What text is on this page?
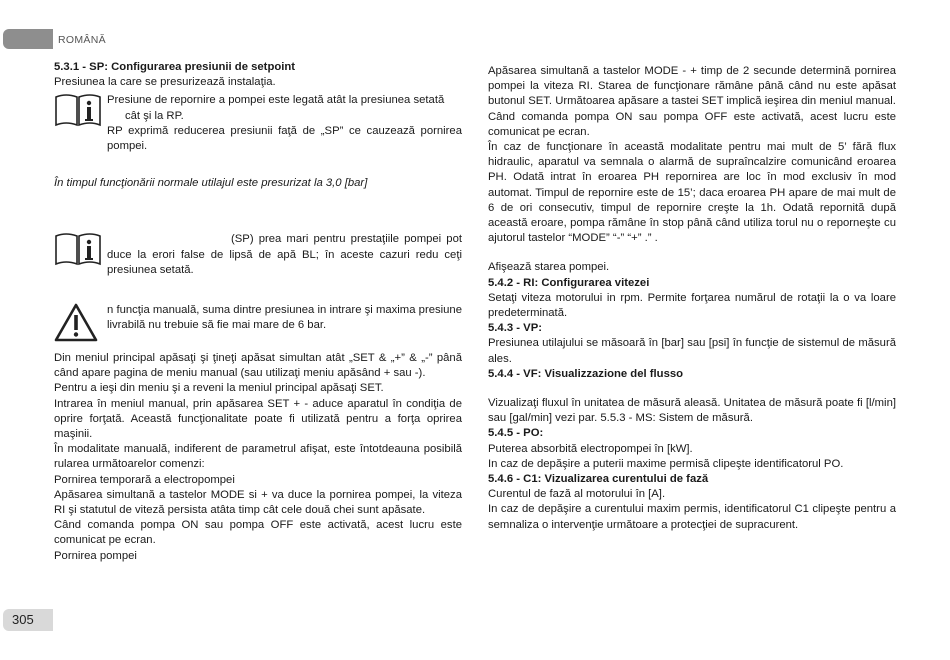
ROMÂNĂ

5.3.1 - SP: Configurarea presiunii de setpoint

Presiunea la care se presurizează instalaţia.

Presiune de repornire a pompei este legată atât la presiunea setată

cât şi la RP.

RP exprimă reducerea presiunii faţă de „SP” ce cauzează pornirea pompei.

În timpul funcţionării normale utilajul este presurizat la 3,0 [bar]

(SP) prea mari pentru prestaţiile pompei pot duce la erori false de lipsă de apă BL; în aceste cazuri redu ceţi presiunea setată.

n funcţia manuală, suma dintre presiunea in intrare şi maxima presiune livrabilă nu trebuie să fie mai mare de 6 bar.

Din meniul principal apăsaţi şi ţineţi apăsat simultan atât „SET & „+” & „-” până când apare pagina de meniu manual (sau utilizaţi meniu apăsând + sau -).

Pentru a ieşi din meniu şi a reveni la meniul principal apăsaţi SET.

Intrarea în meniul manual, prin apăsarea SET + - aduce aparatul în condiţia de oprire forţată. Această funcţionalitate poate fi utilizată pentru a forţa oprirea maşinii.

În modalitate manuală, indiferent de parametrul afişat, este întotdeauna posibilă rularea următoarelor comenzi:

Pornirea temporară a electropompei

Apăsarea simultană a tastelor MODE si + va duce la pornirea pompei, la viteza RI şi statutul de viteză persista atâta timp cât cele două chei sunt apăsate.

Când comanda pompa ON sau pompa OFF este activată, acest lucru este comunicat pe ecran.

Pornirea pompei

Apăsarea simultană a tastelor MODE - + timp de 2 secunde determină pornirea pompei la viteza RI. Starea de funcţionare rămâne până când nu este apăsat butonul SET. Următoarea apăsare a tastei SET implică ieşirea din meniul manual.

Când comanda pompa ON sau pompa OFF este activată, acest lucru este comunicat pe ecran.

În caz de funcţionare în această modalitate pentru mai mult de 5’ fără flux hidraulic, aparatul va semnala o alarmă de supraîncalzire comunicând eroarea PH. Odată intrat în eroarea PH repornirea are loc în mod exclusiv în mod automat. Timpul de repornire este de 15’; daca eroarea PH apare de mai mult de 6 de ori consecutiv, timpul de repornire creşte la 1h. Odată repornită după această eroare, pompa rămâne în stop până când utiliza torul nu o reporneşte cu ajutorul tastelor “MODE” “-” “+” .” .

Afişează starea pompei.

5.4.2 - RI: Configurarea vitezei

Setaţi viteza motorului in rpm. Permite forţarea numărul de rotaţii la o va loare predeterminată.

5.4.3 - VP:

Presiunea utilajului se măsoară în [bar] sau [psi] în funcţie de sistemul de măsură ales.

5.4.4 - VF: Visualizzazione del flusso

Vizualizaţi fluxul în unitatea de măsură aleasă. Unitatea de măsură poate fi [l/min] sau [gal/min] vezi par. 5.5.3 - MS: Sistem de măsură.

5.4.5 - PO:

Puterea absorbită electropompei în [kW].

In caz de depăşire a puterii maxime permisă clipeşte identificatorul PO.

5.4.6 - C1: Vizualizarea curentului de fază

Curentul de fază al motorului în [A].

In caz de depăşire a curentului maxim permis, identificatorul C1 clipeşte pentru a semnaliza o intervenţie următoare a protecţiei de supracurent.

305
